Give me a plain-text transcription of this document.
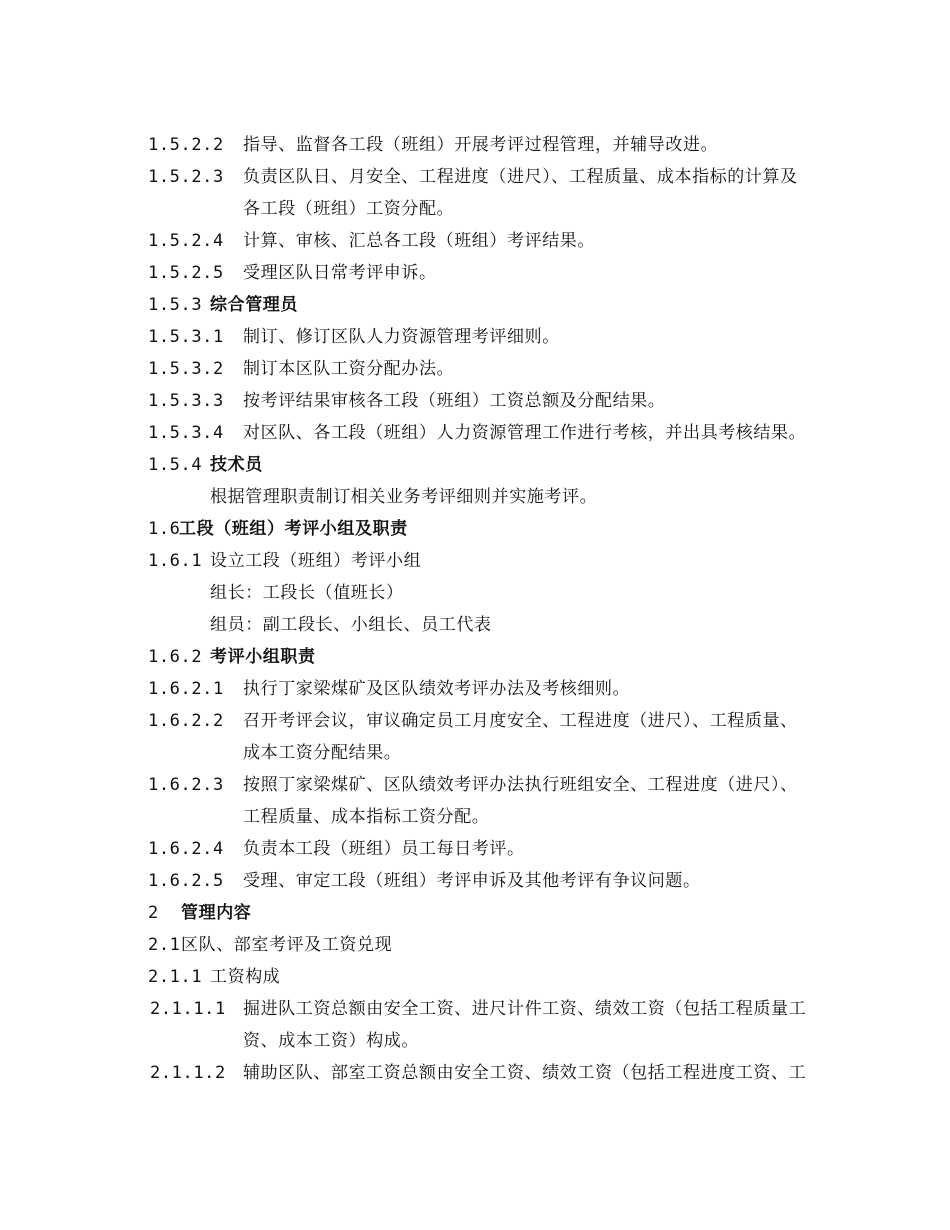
1.5.2.2 指导、监督各工段（班组）开展考评过程管理，并辅导改进。
1.5.2.3 负责区队日、月安全、工程进度（进尺）、工程质量、成本指标的计算及
各工段（班组）工资分配。
1.5.2.4 计算、审核、汇总各工段（班组）考评结果。
1.5.2.5 受理区队日常考评申诉。
1.5.3 综合管理员
1.5.3.1 制订、修订区队人力资源管理考评细则。
1.5.3.2 制订本区队工资分配办法。
1.5.3.3 按考评结果审核各工段（班组）工资总额及分配结果。
1.5.3.4 对区队、各工段（班组）人力资源管理工作进行考核，并出具考核结果。
1.5.4 技术员
根据管理职责制订相关业务考评细则并实施考评。
1.6
工段（班组）考评小组及职责
1.6.1 设立工段（班组）考评小组
组长：工段长（值班长）
组员：副工段长、小组长、员工代表
1.6.2 考评小组职责
1.6.2.1 执行丁家梁煤矿及区队绩效考评办法及考核细则。
1.6.2.2 召开考评会议，审议确定员工月度安全、工程进度（进尺）、工程质量、
成本工资分配结果。
1.6.2.3 按照丁家梁煤矿、区队绩效考评办法执行班组安全、工程进度（进尺）、
工程质量、成本指标工资分配。
1.6.2.4 负责本工段（班组）员工每日考评。
1.6.2.5 受理、审定工段（班组）考评申诉及其他考评有争议问题。
2 管理内容
2.1 区队、部室考评及工资兑现
2.1.1 工资构成
2.1.1.1 掘进队工资总额由安全工资、进尺计件工资、绩效工资（包括工程质量工
资、成本工资）构成。
2.1.1.2 辅助区队、部室工资总额由安全工资、绩效工资（包括工程进度工资、工
